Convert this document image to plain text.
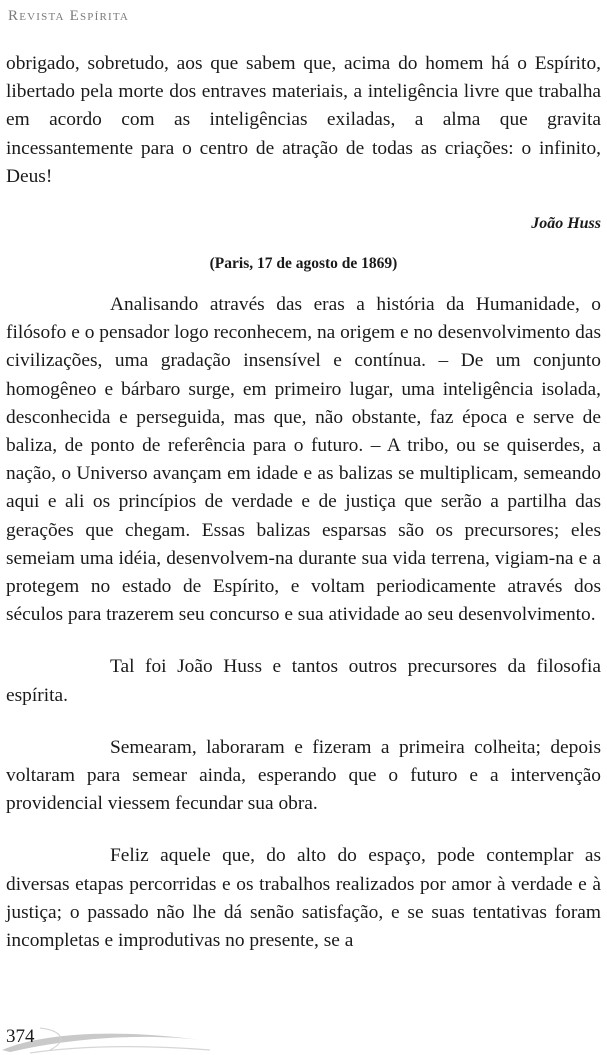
Revista Espírita

obrigado, sobretudo, aos que sabem que, acima do homem há o Espírito, libertado pela morte dos entraves materiais, a inteligência livre que trabalha em acordo com as inteligências exiladas, a alma que gravita incessantemente para o centro de atração de todas as criações: o infinito, Deus!

João Huss
(Paris, 17 de agosto de 1869)

Analisando através das eras a história da Humanidade, o filósofo e o pensador logo reconhecem, na origem e no desenvolvimento das civilizações, uma gradação insensível e contínua. – De um conjunto homogêneo e bárbaro surge, em primeiro lugar, uma inteligência isolada, desconhecida e perseguida, mas que, não obstante, faz época e serve de baliza, de ponto de referência para o futuro. – A tribo, ou se quiserdes, a nação, o Universo avançam em idade e as balizas se multiplicam, semeando aqui e ali os princípios de verdade e de justiça que serão a partilha das gerações que chegam. Essas balizas esparsas são os precursores; eles semeiam uma idéia, desenvolvem-na durante sua vida terrena, vigiam-na e a protegem no estado de Espírito, e voltam periodicamente através dos séculos para trazerem seu concurso e sua atividade ao seu desenvolvimento.

Tal foi João Huss e tantos outros precursores da filosofia espírita.

Semearam, laboraram e fizeram a primeira colheita; depois voltaram para semear ainda, esperando que o futuro e a intervenção providencial viessem fecundar sua obra.

Feliz aquele que, do alto do espaço, pode contemplar as diversas etapas percorridas e os trabalhos realizados por amor à verdade e à justiça; o passado não lhe dá senão satisfação, e se suas tentativas foram incompletas e improdutivas no presente, se a

374
